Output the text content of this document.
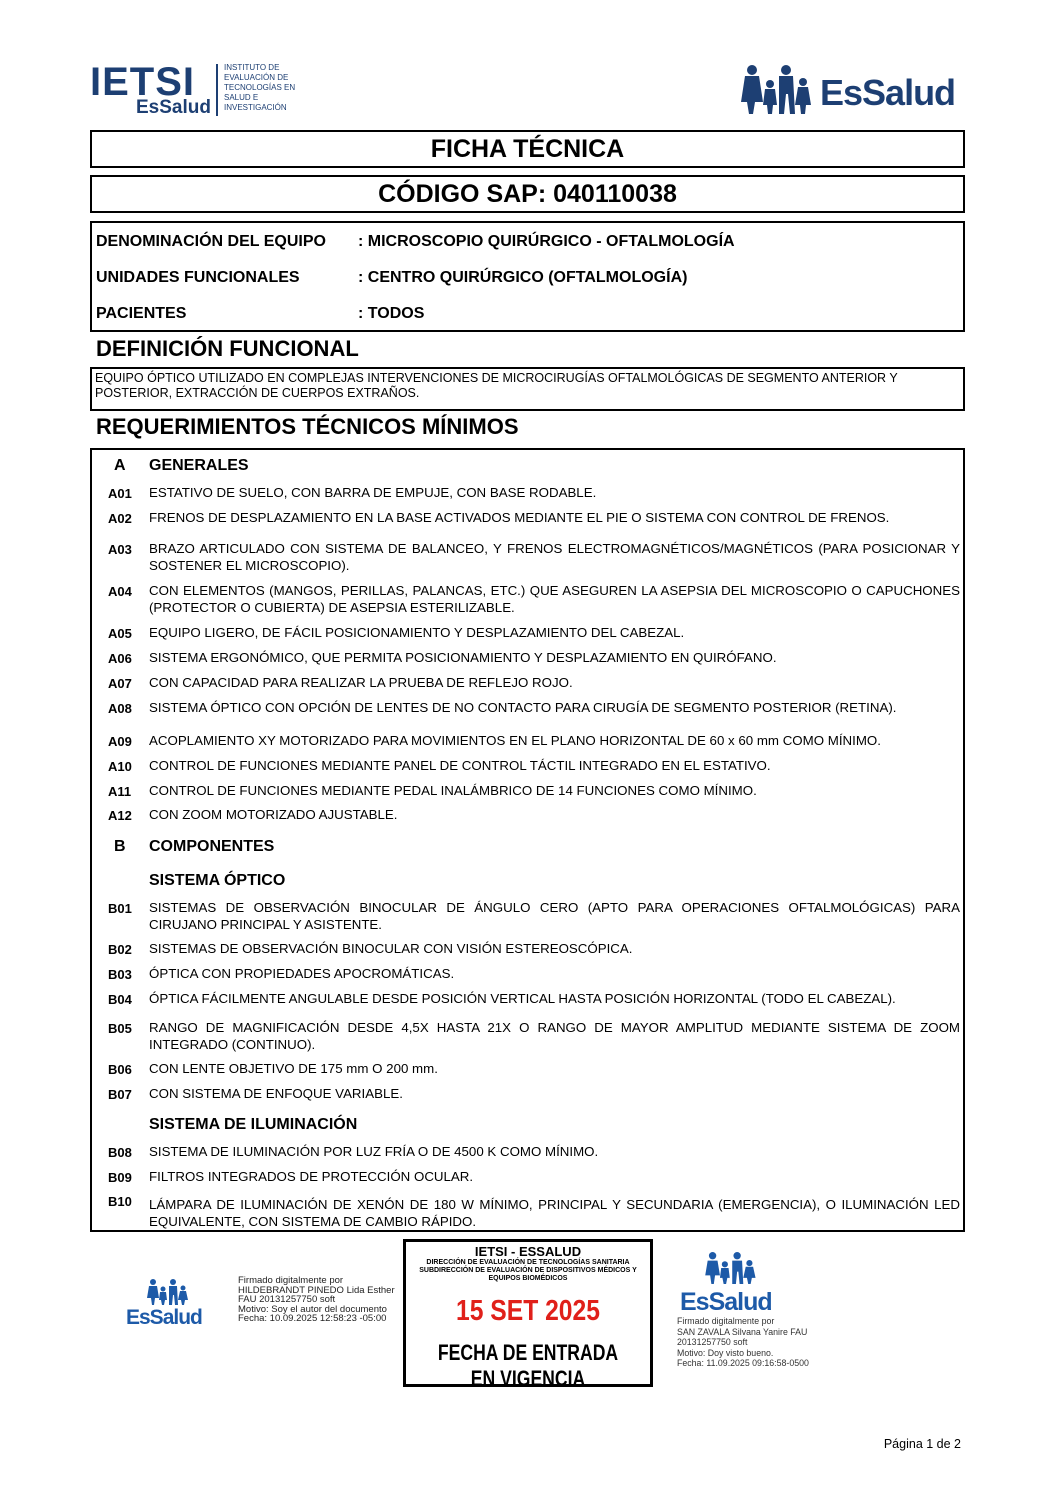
IETSI
EsSalud
INSTITUTO DE
EVALUACIÓN DE
TECNOLOGÍAS EN
SALUD E
INVESTIGACIÓN	EsSalud
FICHA TÉCNICA
CÓDIGO SAP: 040110038
DENOMINACIÓN DEL EQUIPO : MICROSCOPIO QUIRÚRGICO - OFTALMOLOGÍA
UNIDADES FUNCIONALES	: CENTRO QUIRÚRGICO (OFTALMOLOGÍA)
PACIENTES	: TODOS
DEFINICIÓN FUNCIONAL
EQUIPO ÓPTICO UTILIZADO EN COMPLEJAS INTERVENCIONES DE MICROCIRUGÍAS OFTALMOLÓGICAS DE SEGMENTO ANTERIOR Y POSTERIOR, EXTRACCIÓN DE CUERPOS EXTRAÑOS.
REQUERIMIENTOS TÉCNICOS MÍNIMOS
A GENERALES
A01 ESTATIVO DE SUELO, CON BARRA DE EMPUJE, CON BASE RODABLE.
A02 FRENOS DE DESPLAZAMIENTO EN LA BASE ACTIVADOS MEDIANTE EL PIE O SISTEMA CON CONTROL DE FRENOS.
A03 BRAZO ARTICULADO CON SISTEMA DE BALANCEO, Y FRENOS ELECTROMAGNÉTICOS/MAGNÉTICOS (PARA POSICIONAR Y SOSTENER EL MICROSCOPIO).
A04 CON ELEMENTOS (MANGOS, PERILLAS, PALANCAS, ETC.) QUE ASEGUREN LA ASEPSIA DEL MICROSCOPIO O CAPUCHONES (PROTECTOR O CUBIERTA) DE ASEPSIA ESTERILIZABLE.
A05 EQUIPO LIGERO, DE FÁCIL POSICIONAMIENTO Y DESPLAZAMIENTO DEL CABEZAL.
A06 SISTEMA ERGONÓMICO, QUE PERMITA POSICIONAMIENTO Y DESPLAZAMIENTO EN QUIRÓFANO.
A07 CON CAPACIDAD PARA REALIZAR LA PRUEBA DE REFLEJO ROJO.
A08 SISTEMA ÓPTICO CON OPCIÓN DE LENTES DE NO CONTACTO PARA CIRUGÍA DE SEGMENTO POSTERIOR (RETINA).
A09 ACOPLAMIENTO XY MOTORIZADO PARA MOVIMIENTOS EN EL PLANO HORIZONTAL DE 60 x 60 mm COMO MÍNIMO.
A10 CONTROL DE FUNCIONES MEDIANTE PANEL DE CONTROL TÁCTIL INTEGRADO EN EL ESTATIVO.
A11 CONTROL DE FUNCIONES MEDIANTE PEDAL INALÁMBRICO DE 14 FUNCIONES COMO MÍNIMO.
A12 CON ZOOM MOTORIZADO AJUSTABLE.
B COMPONENTES
SISTEMA ÓPTICO
B01 SISTEMAS DE OBSERVACIÓN BINOCULAR DE ÁNGULO CERO (APTO PARA OPERACIONES OFTALMOLÓGICAS) PARA CIRUJANO PRINCIPAL Y ASISTENTE.
B02 SISTEMAS DE OBSERVACIÓN BINOCULAR CON VISIÓN ESTEREOSCÓPICA.
B03 ÓPTICA CON PROPIEDADES APOCROMÁTICAS.
B04 ÓPTICA FÁCILMENTE ANGULABLE DESDE POSICIÓN VERTICAL HASTA POSICIÓN HORIZONTAL (TODO EL CABEZAL).
B05 RANGO DE MAGNIFICACIÓN DESDE 4,5X HASTA 21X O RANGO DE MAYOR AMPLITUD MEDIANTE SISTEMA DE ZOOM INTEGRADO (CONTINUO).
B06 CON LENTE OBJETIVO DE 175 mm O 200 mm.
B07 CON SISTEMA DE ENFOQUE VARIABLE.
SISTEMA DE ILUMINACIÓN
B08 SISTEMA DE ILUMINACIÓN POR LUZ FRÍA O DE 4500 K COMO MÍNIMO.
B09 FILTROS INTEGRADOS DE PROTECCIÓN OCULAR.
B10 LÁMPARA DE ILUMINACIÓN DE XENÓN DE 180 W MÍNIMO, PRINCIPAL Y SECUNDARIA (EMERGENCIA), O ILUMINACIÓN LED EQUIVALENTE, CON SISTEMA DE CAMBIO RÁPIDO.
EsSalud
Firmado digitalmente por
HILDEBRANDT PINEDO Lida Esther
FAU 20131257750 soft
Motivo: Soy el autor del documento
Fecha: 10.09.2025 12:58:23 -05:00
IETSI - ESSALUD
DIRECCIÓN DE EVALUACIÓN DE TECNOLOGÍAS SANITARIA
SUBDIRECCIÓN DE EVALUACIÓN DE DISPOSITIVOS MÉDICOS Y EQUIPOS BIOMÉDICOS
15 SET 2025
FECHA DE ENTRADA EN VIGENCIA
EsSalud
Firmado digitalmente por
SAN ZAVALA Silvana Yanire FAU
20131257750 soft
Motivo: Doy visto bueno.
Fecha: 11.09.2025 09:16:58-0500
Página 1 de 2
